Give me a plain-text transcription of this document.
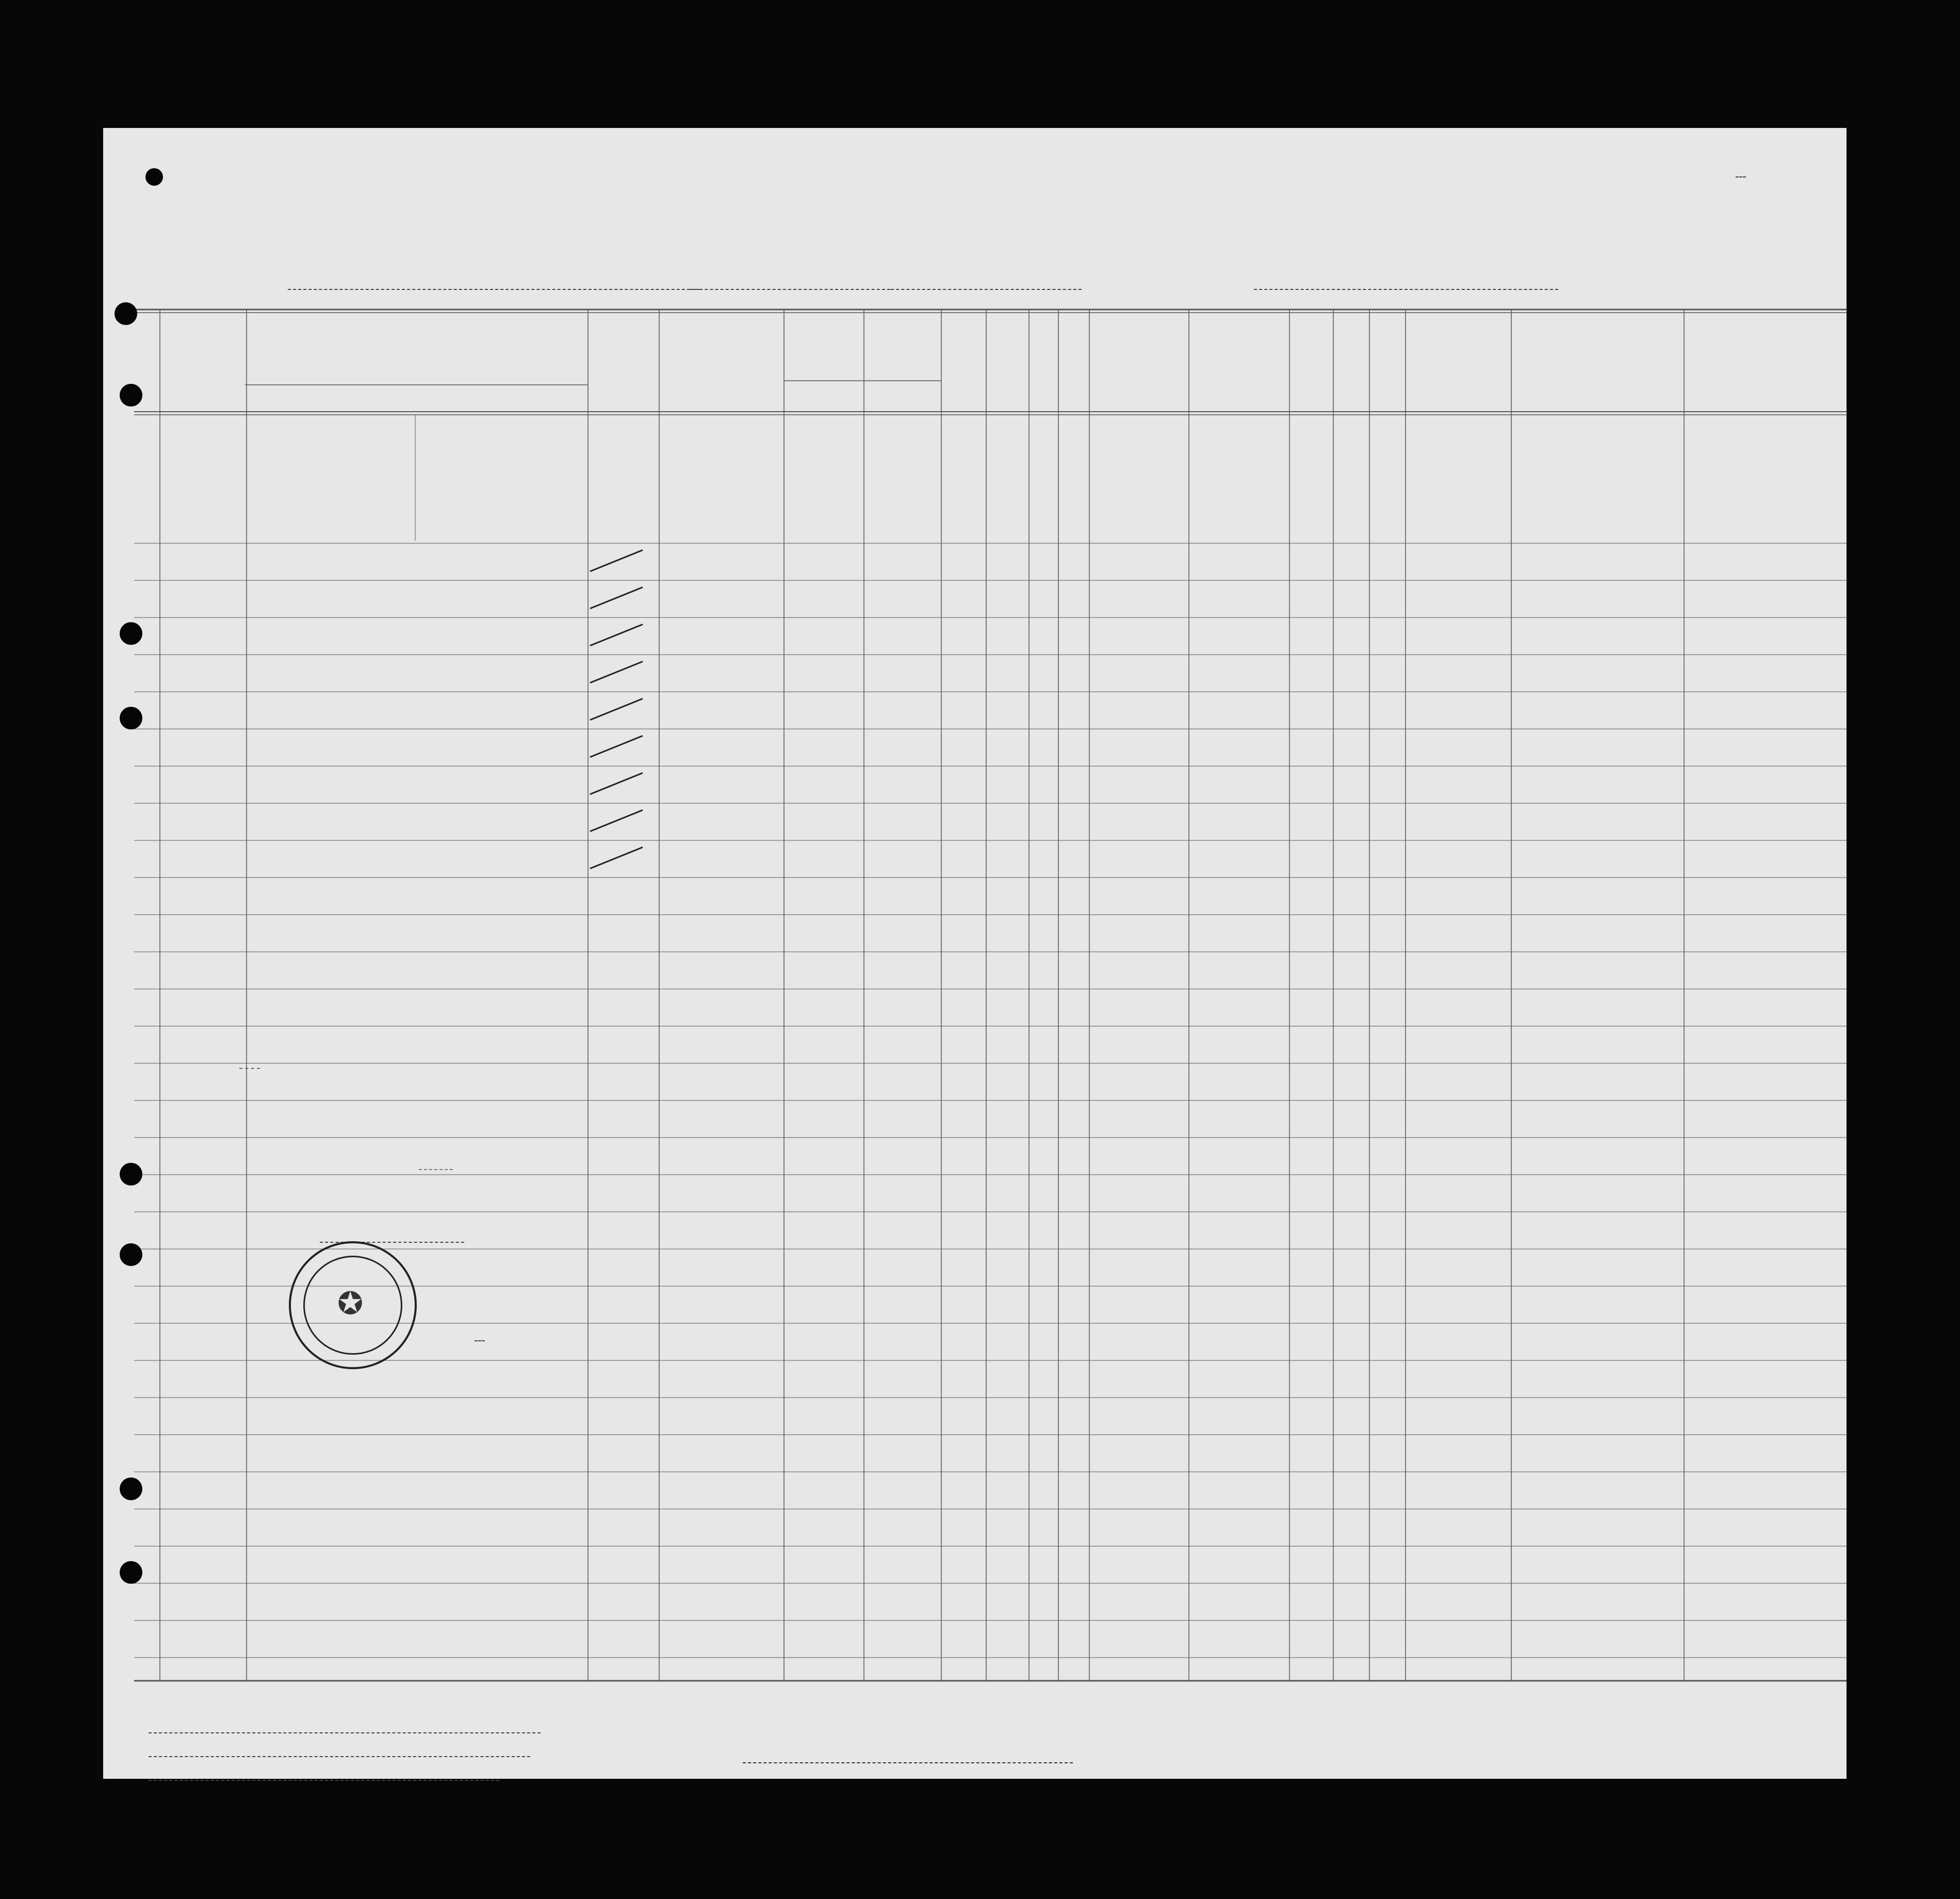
✪
